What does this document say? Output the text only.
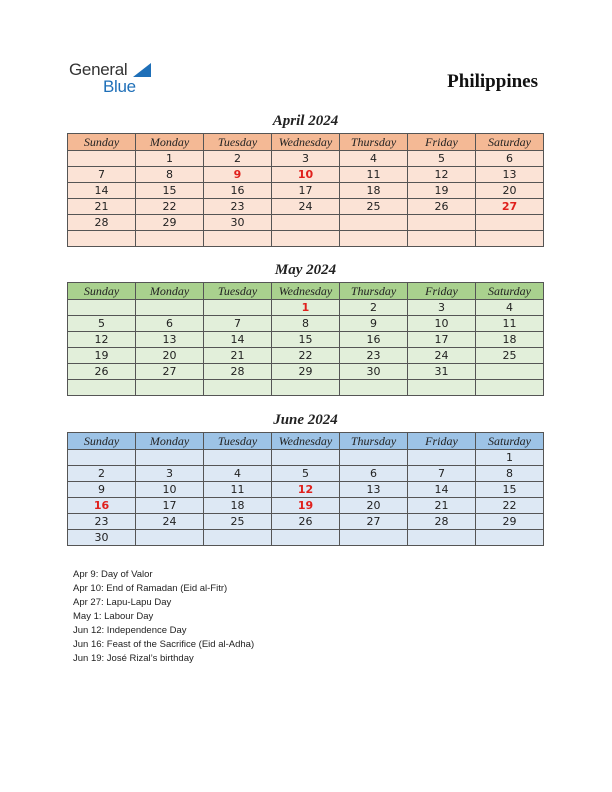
General
Blue	Philippines
April 2024
Sunday	Monday	Tuesday	Wednesday	Thursday	Friday	Saturday
	1	2	3	4	5	6
7	8	9	10	11	12	13
14	15	16	17	18	19	20
21	22	23	24	25	26	27
28	29	30				

May 2024
Sunday	Monday	Tuesday	Wednesday	Thursday	Friday	Saturday
			1	2	3	4
5	6	7	8	9	10	11
12	13	14	15	16	17	18
19	20	21	22	23	24	25
26	27	28	29	30	31	

June 2024
Sunday	Monday	Tuesday	Wednesday	Thursday	Friday	Saturday
						1
2	3	4	5	6	7	8
9	10	11	12	13	14	15
16	17	18	19	20	21	22
23	24	25	26	27	28	29
30						
Apr 9: Day of Valor
Apr 10: End of Ramadan (Eid al-Fitr)
Apr 27: Lapu-Lapu Day
May 1: Labour Day
Jun 12: Independence Day
Jun 16: Feast of the Sacrifice (Eid al-Adha)
Jun 19: José Rizal’s birthday
